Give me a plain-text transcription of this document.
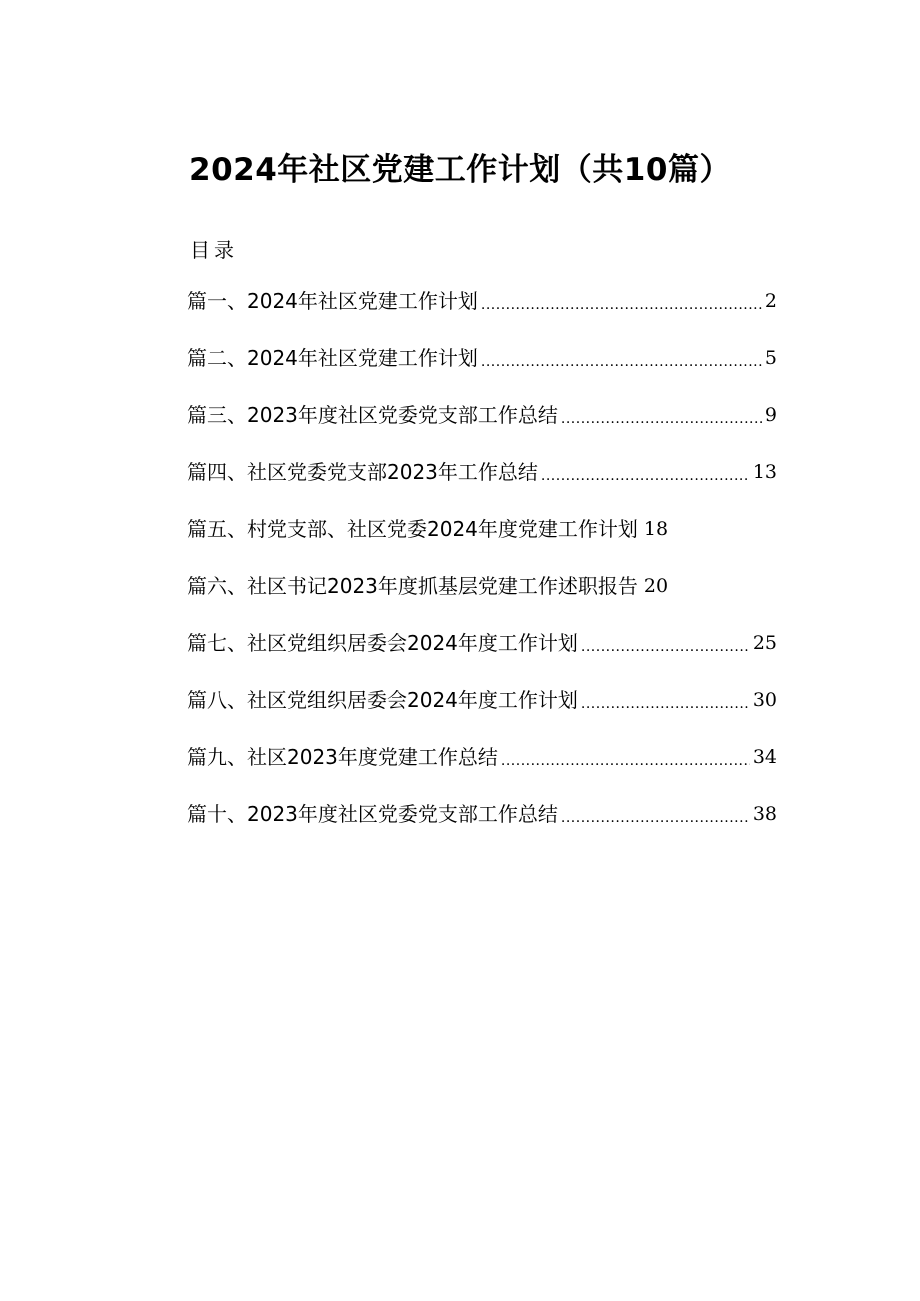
2024年社区党建工作计划（共10篇）
目录
篇一、2024年社区党建工作计划 .....	2
篇二、2024年社区党建工作计划 .....	5
篇三、2023年度社区党委党支部工作总结 .....	9
篇四、社区党委党支部2023年工作总结 .....	13
篇五、村党支部、社区党委2024年度党建工作计划 18
篇六、社区书记2023年度抓基层党建工作述职报告 20
篇七、社区党组织居委会2024年度工作计划 .....	25
篇八、社区党组织居委会2024年度工作计划 .....	30
篇九、社区2023年度党建工作总结 .....	34
篇十、2023年度社区党委党支部工作总结 .....	38
